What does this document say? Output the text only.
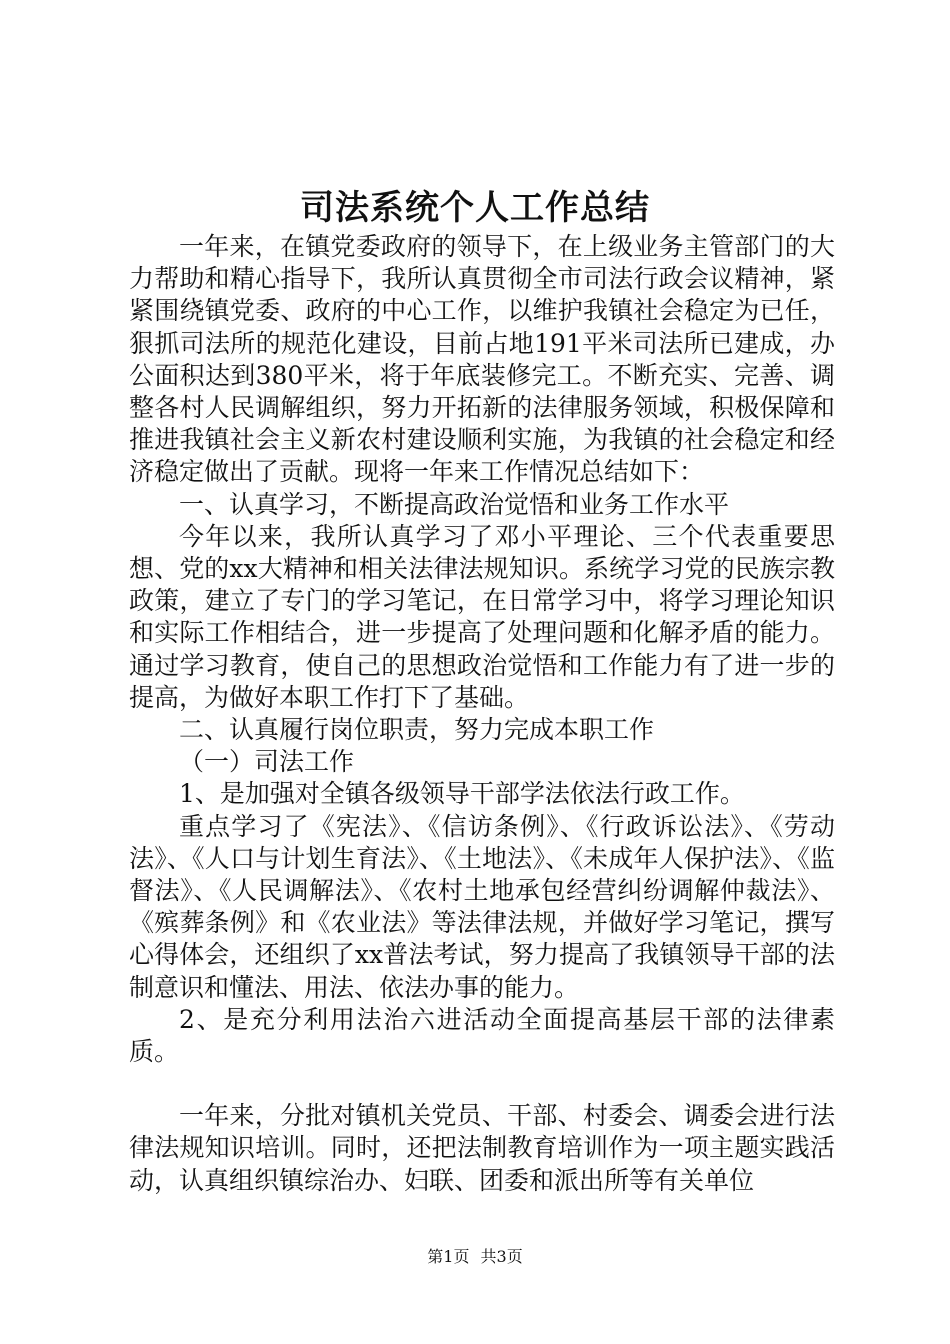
司法系统个人工作总结

一年来，在镇党委政府的领导下，在上级业务主管部门的大力帮助和精心指导下，我所认真贯彻全市司法行政会议精神，紧紧围绕镇党委、政府的中心工作，以维护我镇社会稳定为已任，狠抓司法所的规范化建设，目前占地191平米司法所已建成，办公面积达到380平米，将于年底装修完工。不断充实、完善、调整各村人民调解组织，努力开拓新的法律服务领域，积极保障和推进我镇社会主义新农村建设顺利实施，为我镇的社会稳定和经济稳定做出了贡献。现将一年来工作情况总结如下：

一、认真学习，不断提高政治觉悟和业务工作水平

今年以来，我所认真学习了邓小平理论、三个代表重要思想、党的xx大精神和相关法律法规知识。系统学习党的民族宗教政策，建立了专门的学习笔记，在日常学习中，将学习理论知识和实际工作相结合，进一步提高了处理问题和化解矛盾的能力。通过学习教育，使自己的思想政治觉悟和工作能力有了进一步的提高，为做好本职工作打下了基础。

二、认真履行岗位职责，努力完成本职工作

（一）司法工作

1、是加强对全镇各级领导干部学法依法行政工作。

重点学习了《宪法》、《信访条例》、《行政诉讼法》、《劳动法》、《人口与计划生育法》、《土地法》、《未成年人保护法》、《监督法》、《人民调解法》、《农村土地承包经营纠纷调解仲裁法》、《殡葬条例》和《农业法》等法律法规，并做好学习笔记，撰写心得体会，还组织了xx普法考试，努力提高了我镇领导干部的法制意识和懂法、用法、依法办事的能力。

2、是充分利用法治六进活动全面提高基层干部的法律素质。

一年来，分批对镇机关党员、干部、村委会、调委会进行法律法规知识培训。同时，还把法制教育培训作为一项主题实践活动，认真组织镇综治办、妇联、团委和派出所等有关单位

第1页 共3页
